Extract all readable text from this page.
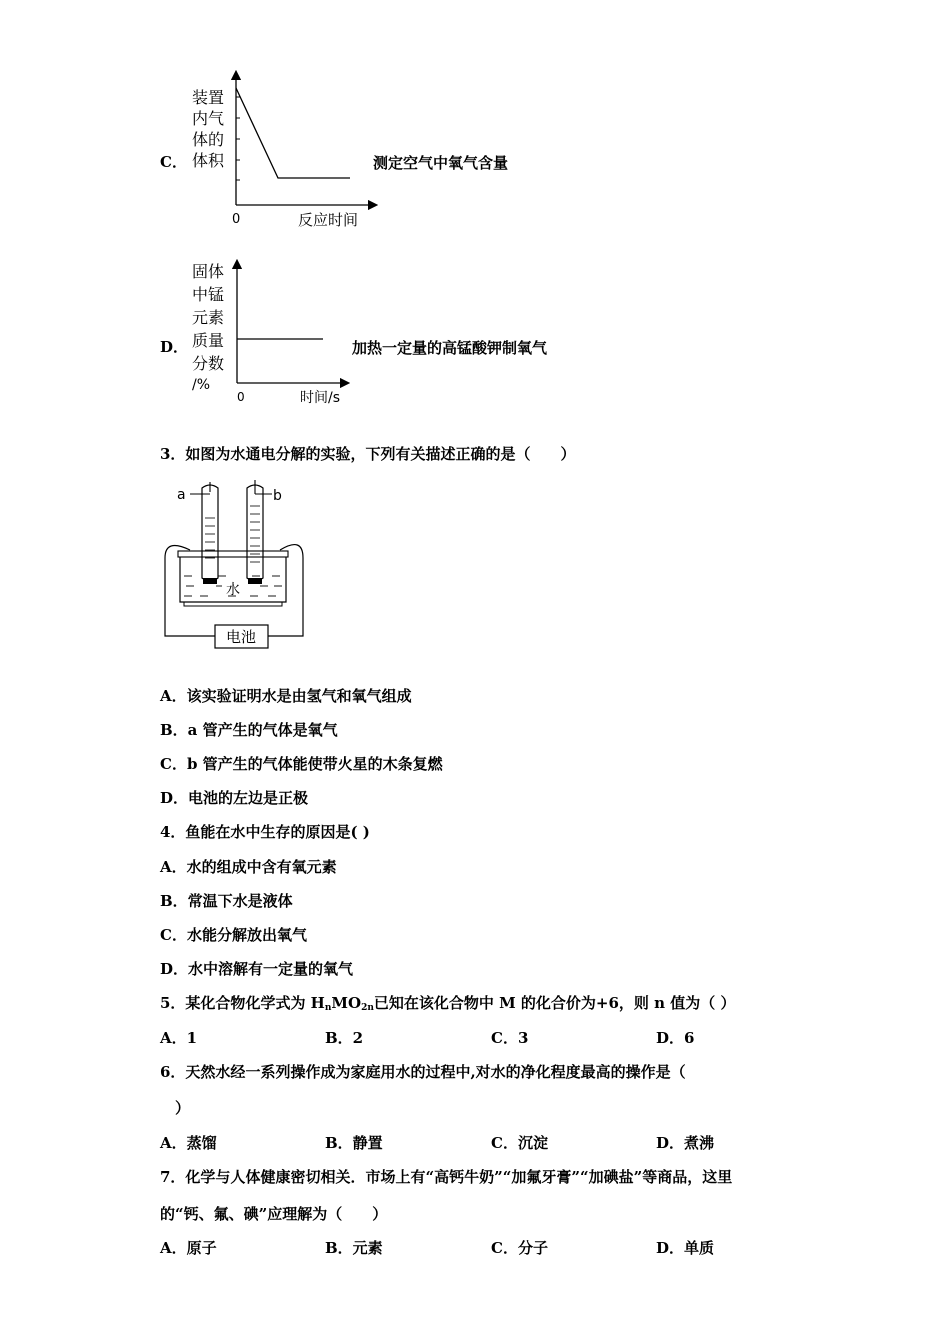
C．
装置
内气
体的
体积
0	反应时间
测定空气中氧气含量
D．
固体
中锰
元素
质量
分数
/%
0	时间/s
加热一定量的高锰酸钾制氧气
3．如图为水通电分解的实验，下列有关描述正确的是（　　）
a	b
水
电池
A．该实验证明水是由氢气和氧气组成
B．a 管产生的气体是氧气
C．b 管产生的气体能使带火星的木条复燃
D．电池的左边是正极
4．鱼能在水中生存的原因是( )
A．水的组成中含有氧元素
B．常温下水是液体
C．水能分解放出氧气
D．水中溶解有一定量的氧气
5．某化合物化学式为 $H_nMO_{2n}$已知在该化合物中 M 的化合价为+6，则 n 值为（ ）
A．1	B．2	C．3	D．6
6．天然水经一系列操作成为家庭用水的过程中,对水的净化程度最高的操作是（
）
A．蒸馏	B．静置	C．沉淀	D．煮沸
7．化学与人体健康密切相关．市场上有“高钙牛奶”“加氟牙膏”“加碘盐”等商品，这里
的“钙、氟、碘”应理解为（　　）
A．原子	B．元素	C．分子	D．单质
